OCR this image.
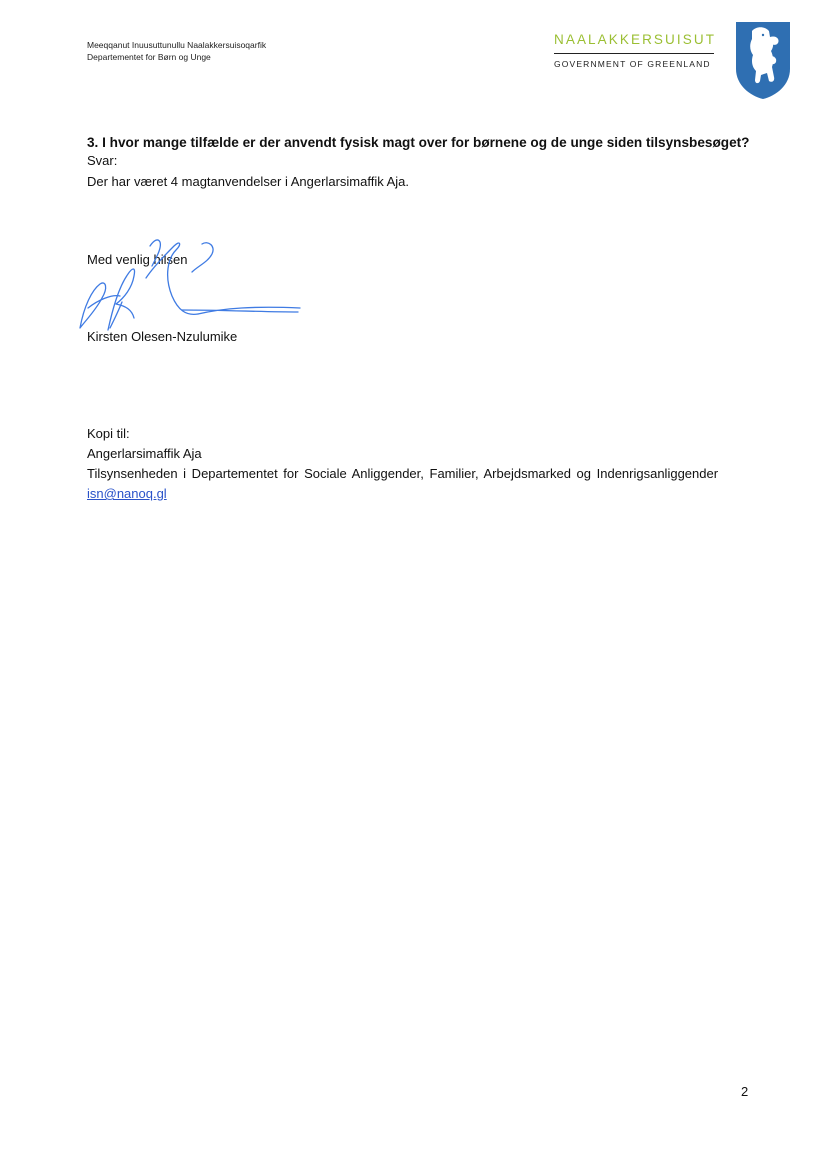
Meeqqanut Inuusuttunullu Naalakkersuisoqarfik
Departementet for Børn og Unge
NAALAKKERSUISUT
GOVERNMENT OF GREENLAND
3. I hvor mange tilfælde er der anvendt fysisk magt over for børnene og de unge siden tilsynsbesøget?
Svar:
Der har været 4 magtanvendelser i Angerlarsimaffik Aja.
Med venlig hilsen
Kirsten Olesen-Nzulumike
Kopi til:
Angerlarsimaffik Aja
Tilsynsenheden i Departementet for Sociale Anliggender, Familier, Arbejdsmarked og Indenrigsanliggender
isn@nanoq.gl
2
